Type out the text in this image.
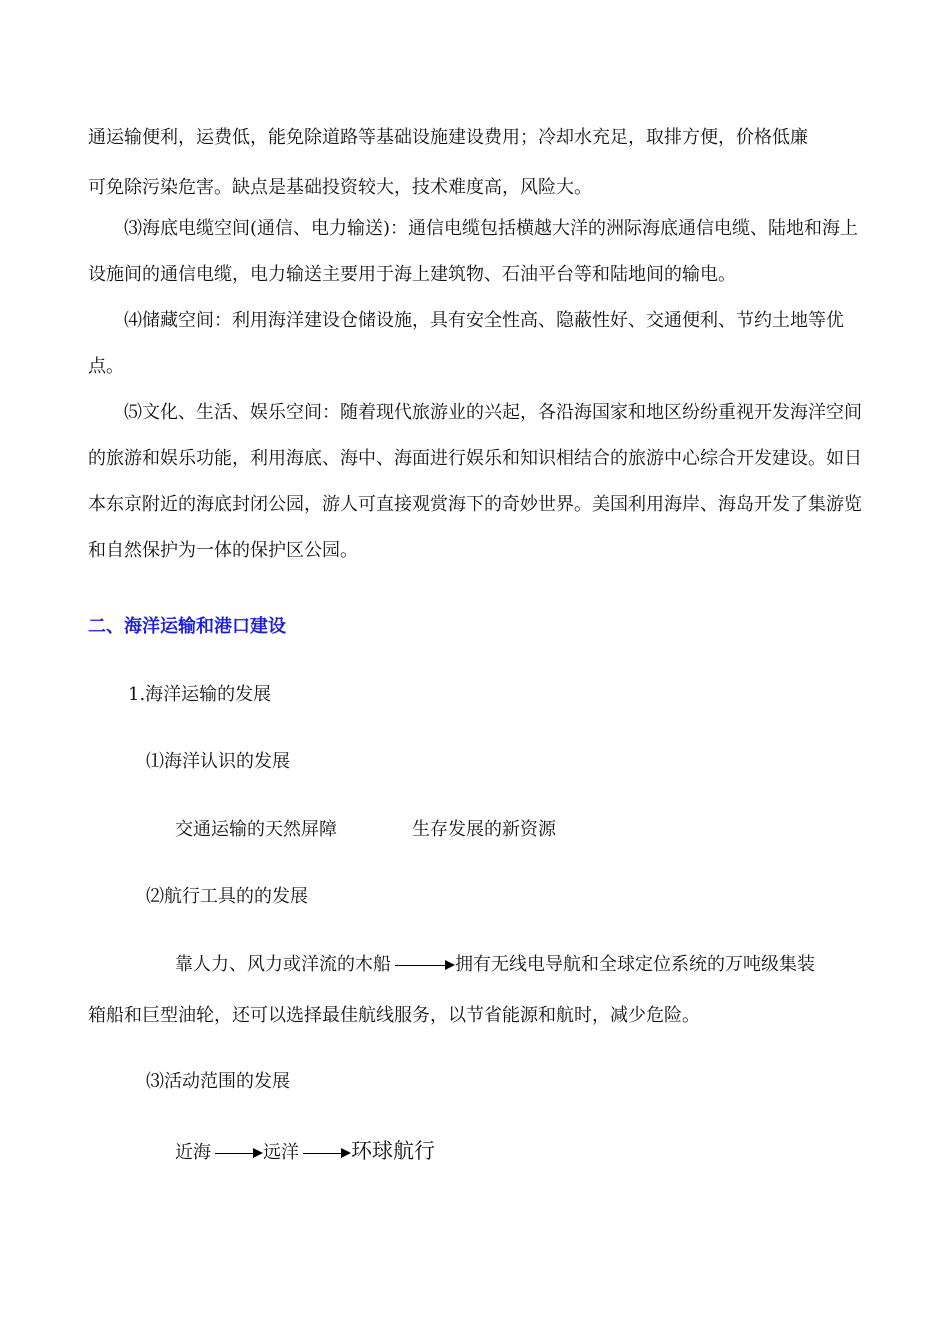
通运输便利，运费低，能免除道路等基础设施建设费用；冷却水充足，取排方便，价格低廉
可免除污染危害。缺点是基础投资较大，技术难度高，风险大。
⑶海底电缆空间(通信、电力输送)：通信电缆包括横越大洋的洲际海底通信电缆、陆地和海上设施间的通信电缆，电力输送主要用于海上建筑物、石油平台等和陆地间的输电。
⑷储藏空间：利用海洋建设仓储设施，具有安全性高、隐蔽性好、交通便利、节约土地等优点。
⑸文化、生活、娱乐空间：随着现代旅游业的兴起，各沿海国家和地区纷纷重视开发海洋空间的旅游和娱乐功能，利用海底、海中、海面进行娱乐和知识相结合的旅游中心综合开发建设。如日本东京附近的海底封闭公园，游人可直接观赏海下的奇妙世界。美国利用海岸、海岛开发了集游览和自然保护为一体的保护区公园。
二、海洋运输和港口建设
1.海洋运输的发展
⑴海洋认识的发展
交通运输的天然屏障	生存发展的新资源
⑵航行工具的的发展
靠人力、风力或洋流的木船	拥有无线电导航和全球定位系统的万吨级集装
箱船和巨型油轮，还可以选择最佳航线服务，以节省能源和航时，减少危险。
⑶活动范围的发展
近海	远洋 环球航行
